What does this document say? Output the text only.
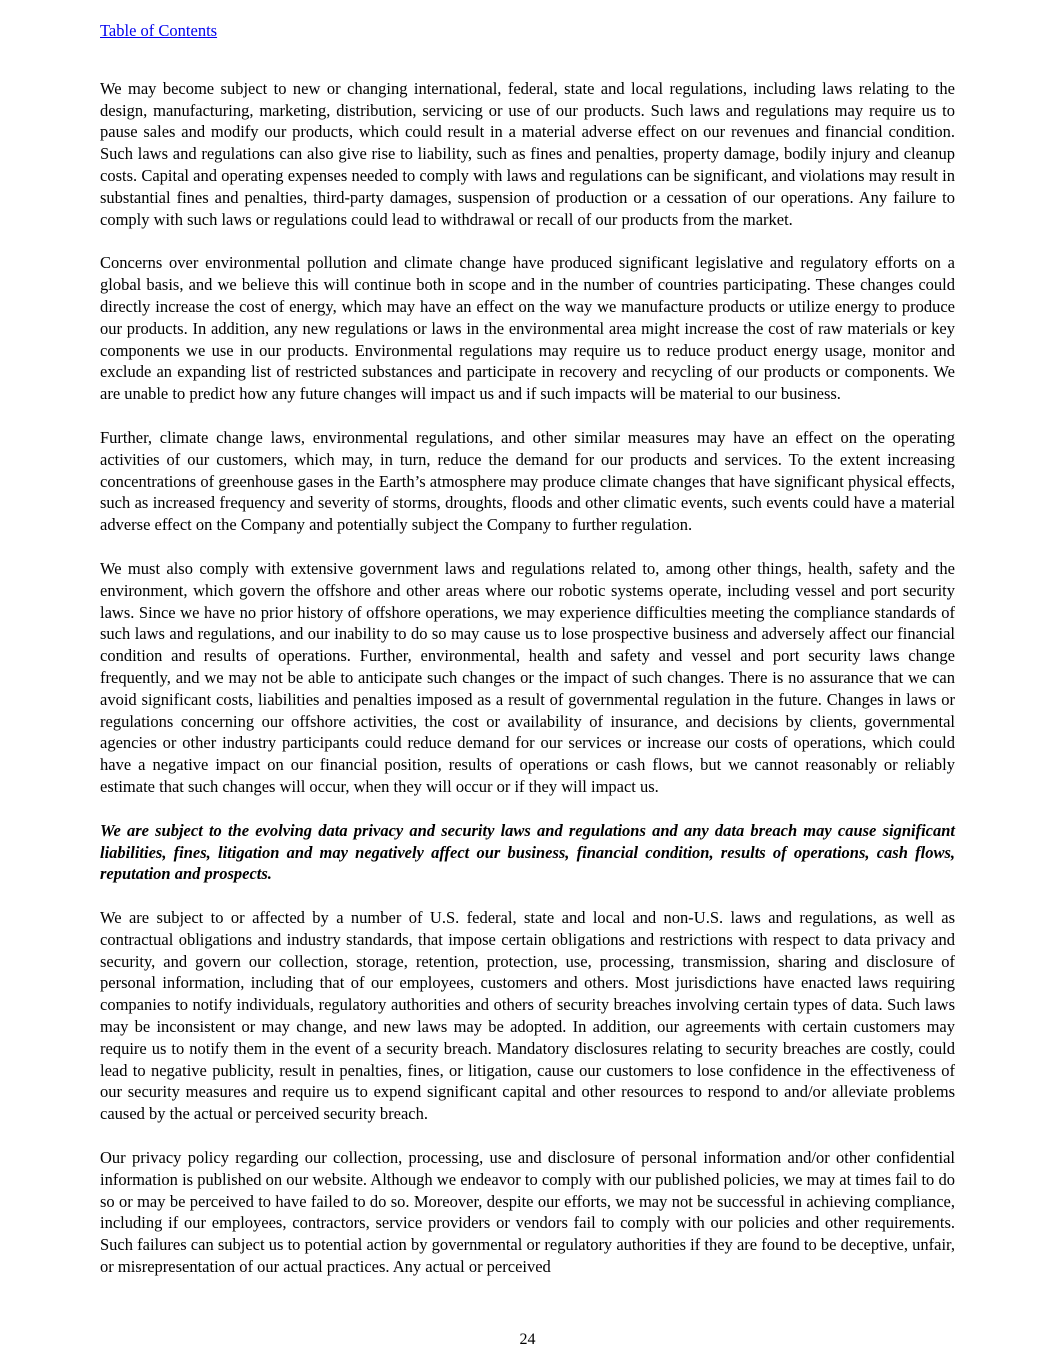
Table of Contents

We may become subject to new or changing international, federal, state and local regulations, including laws relating to the design, manufacturing, marketing, distribution, servicing or use of our products. Such laws and regulations may require us to pause sales and modify our products, which could result in a material adverse effect on our revenues and financial condition. Such laws and regulations can also give rise to liability, such as fines and penalties, property damage, bodily injury and cleanup costs. Capital and operating expenses needed to comply with laws and regulations can be significant, and violations may result in substantial fines and penalties, third-party damages, suspension of production or a cessation of our operations. Any failure to comply with such laws or regulations could lead to withdrawal or recall of our products from the market.

Concerns over environmental pollution and climate change have produced significant legislative and regulatory efforts on a global basis, and we believe this will continue both in scope and in the number of countries participating. These changes could directly increase the cost of energy, which may have an effect on the way we manufacture products or utilize energy to produce our products. In addition, any new regulations or laws in the environmental area might increase the cost of raw materials or key components we use in our products. Environmental regulations may require us to reduce product energy usage, monitor and exclude an expanding list of restricted substances and participate in recovery and recycling of our products or components. We are unable to predict how any future changes will impact us and if such impacts will be material to our business.

Further, climate change laws, environmental regulations, and other similar measures may have an effect on the operating activities of our customers, which may, in turn, reduce the demand for our products and services. To the extent increasing concentrations of greenhouse gases in the Earth’s atmosphere may produce climate changes that have significant physical effects, such as increased frequency and severity of storms, droughts, floods and other climatic events, such events could have a material adverse effect on the Company and potentially subject the Company to further regulation.

We must also comply with extensive government laws and regulations related to, among other things, health, safety and the environment, which govern the offshore and other areas where our robotic systems operate, including vessel and port security laws. Since we have no prior history of offshore operations, we may experience difficulties meeting the compliance standards of such laws and regulations, and our inability to do so may cause us to lose prospective business and adversely affect our financial condition and results of operations. Further, environmental, health and safety and vessel and port security laws change frequently, and we may not be able to anticipate such changes or the impact of such changes. There is no assurance that we can avoid significant costs, liabilities and penalties imposed as a result of governmental regulation in the future. Changes in laws or regulations concerning our offshore activities, the cost or availability of insurance, and decisions by clients, governmental agencies or other industry participants could reduce demand for our services or increase our costs of operations, which could have a negative impact on our financial position, results of operations or cash flows, but we cannot reasonably or reliably estimate that such changes will occur, when they will occur or if they will impact us.

We are subject to the evolving data privacy and security laws and regulations and any data breach may cause significant liabilities, fines, litigation and may negatively affect our business, financial condition, results of operations, cash flows, reputation and prospects.

We are subject to or affected by a number of U.S. federal, state and local and non-U.S. laws and regulations, as well as contractual obligations and industry standards, that impose certain obligations and restrictions with respect to data privacy and security, and govern our collection, storage, retention, protection, use, processing, transmission, sharing and disclosure of personal information, including that of our employees, customers and others. Most jurisdictions have enacted laws requiring companies to notify individuals, regulatory authorities and others of security breaches involving certain types of data. Such laws may be inconsistent or may change, and new laws may be adopted. In addition, our agreements with certain customers may require us to notify them in the event of a security breach. Mandatory disclosures relating to security breaches are costly, could lead to negative publicity, result in penalties, fines, or litigation, cause our customers to lose confidence in the effectiveness of our security measures and require us to expend significant capital and other resources to respond to and/or alleviate problems caused by the actual or perceived security breach.

Our privacy policy regarding our collection, processing, use and disclosure of personal information and/or other confidential information is published on our website. Although we endeavor to comply with our published policies, we may at times fail to do so or may be perceived to have failed to do so. Moreover, despite our efforts, we may not be successful in achieving compliance, including if our employees, contractors, service providers or vendors fail to comply with our policies and other requirements. Such failures can subject us to potential action by governmental or regulatory authorities if they are found to be deceptive, unfair, or misrepresentation of our actual practices. Any actual or perceived

24
